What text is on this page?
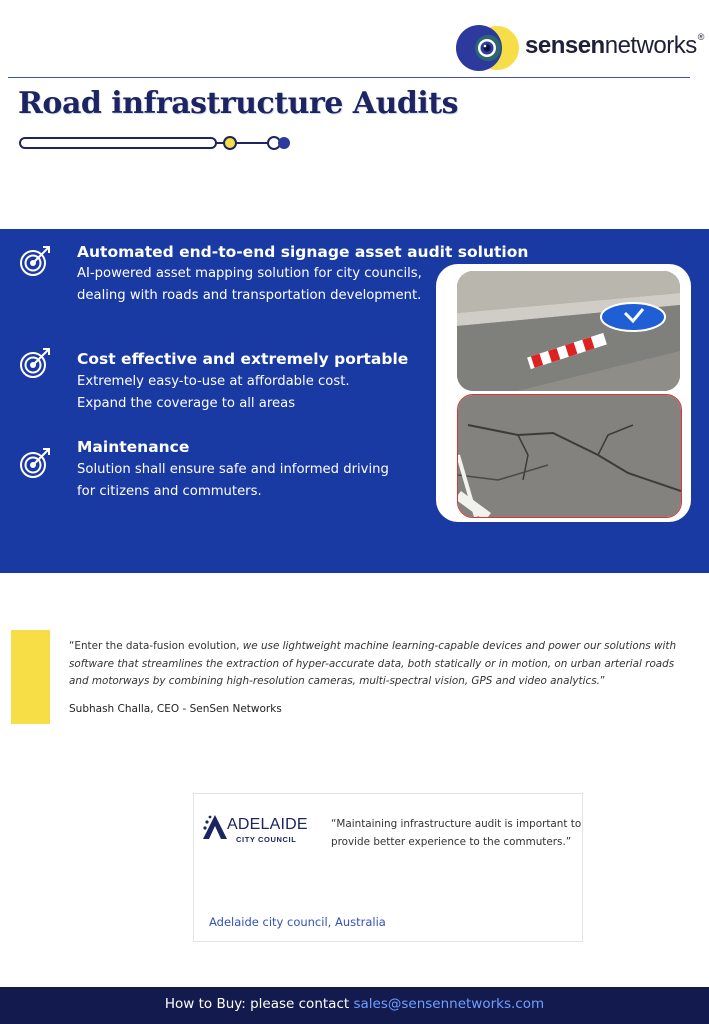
sensennetworks®
Road infrastructure Audits
Automated end-to-end signage asset audit solution
AI-powered asset mapping solution for city councils,
dealing with roads and transportation development.
Cost effective and extremely portable
Extremely easy-to-use at affordable cost.
Expand the coverage to all areas
Maintenance
Solution shall ensure safe and informed driving
for citizens and commuters.
“Enter the data-fusion evolution, we use lightweight machine learning-capable devices and power our solutions with software that streamlines the extraction of hyper-accurate data, both statically or in motion, on urban arterial roads and motorways by combining high-resolution cameras, multi-spectral vision, GPS and video analytics.”
Subhash Challa, CEO - SenSen Networks
ADELAIDE
CITY COUNCIL
“Maintaining infrastructure audit is important to
provide better experience to the commuters.”
Adelaide city council, Australia
How to Buy: please contact sales@sensennetworks.com
